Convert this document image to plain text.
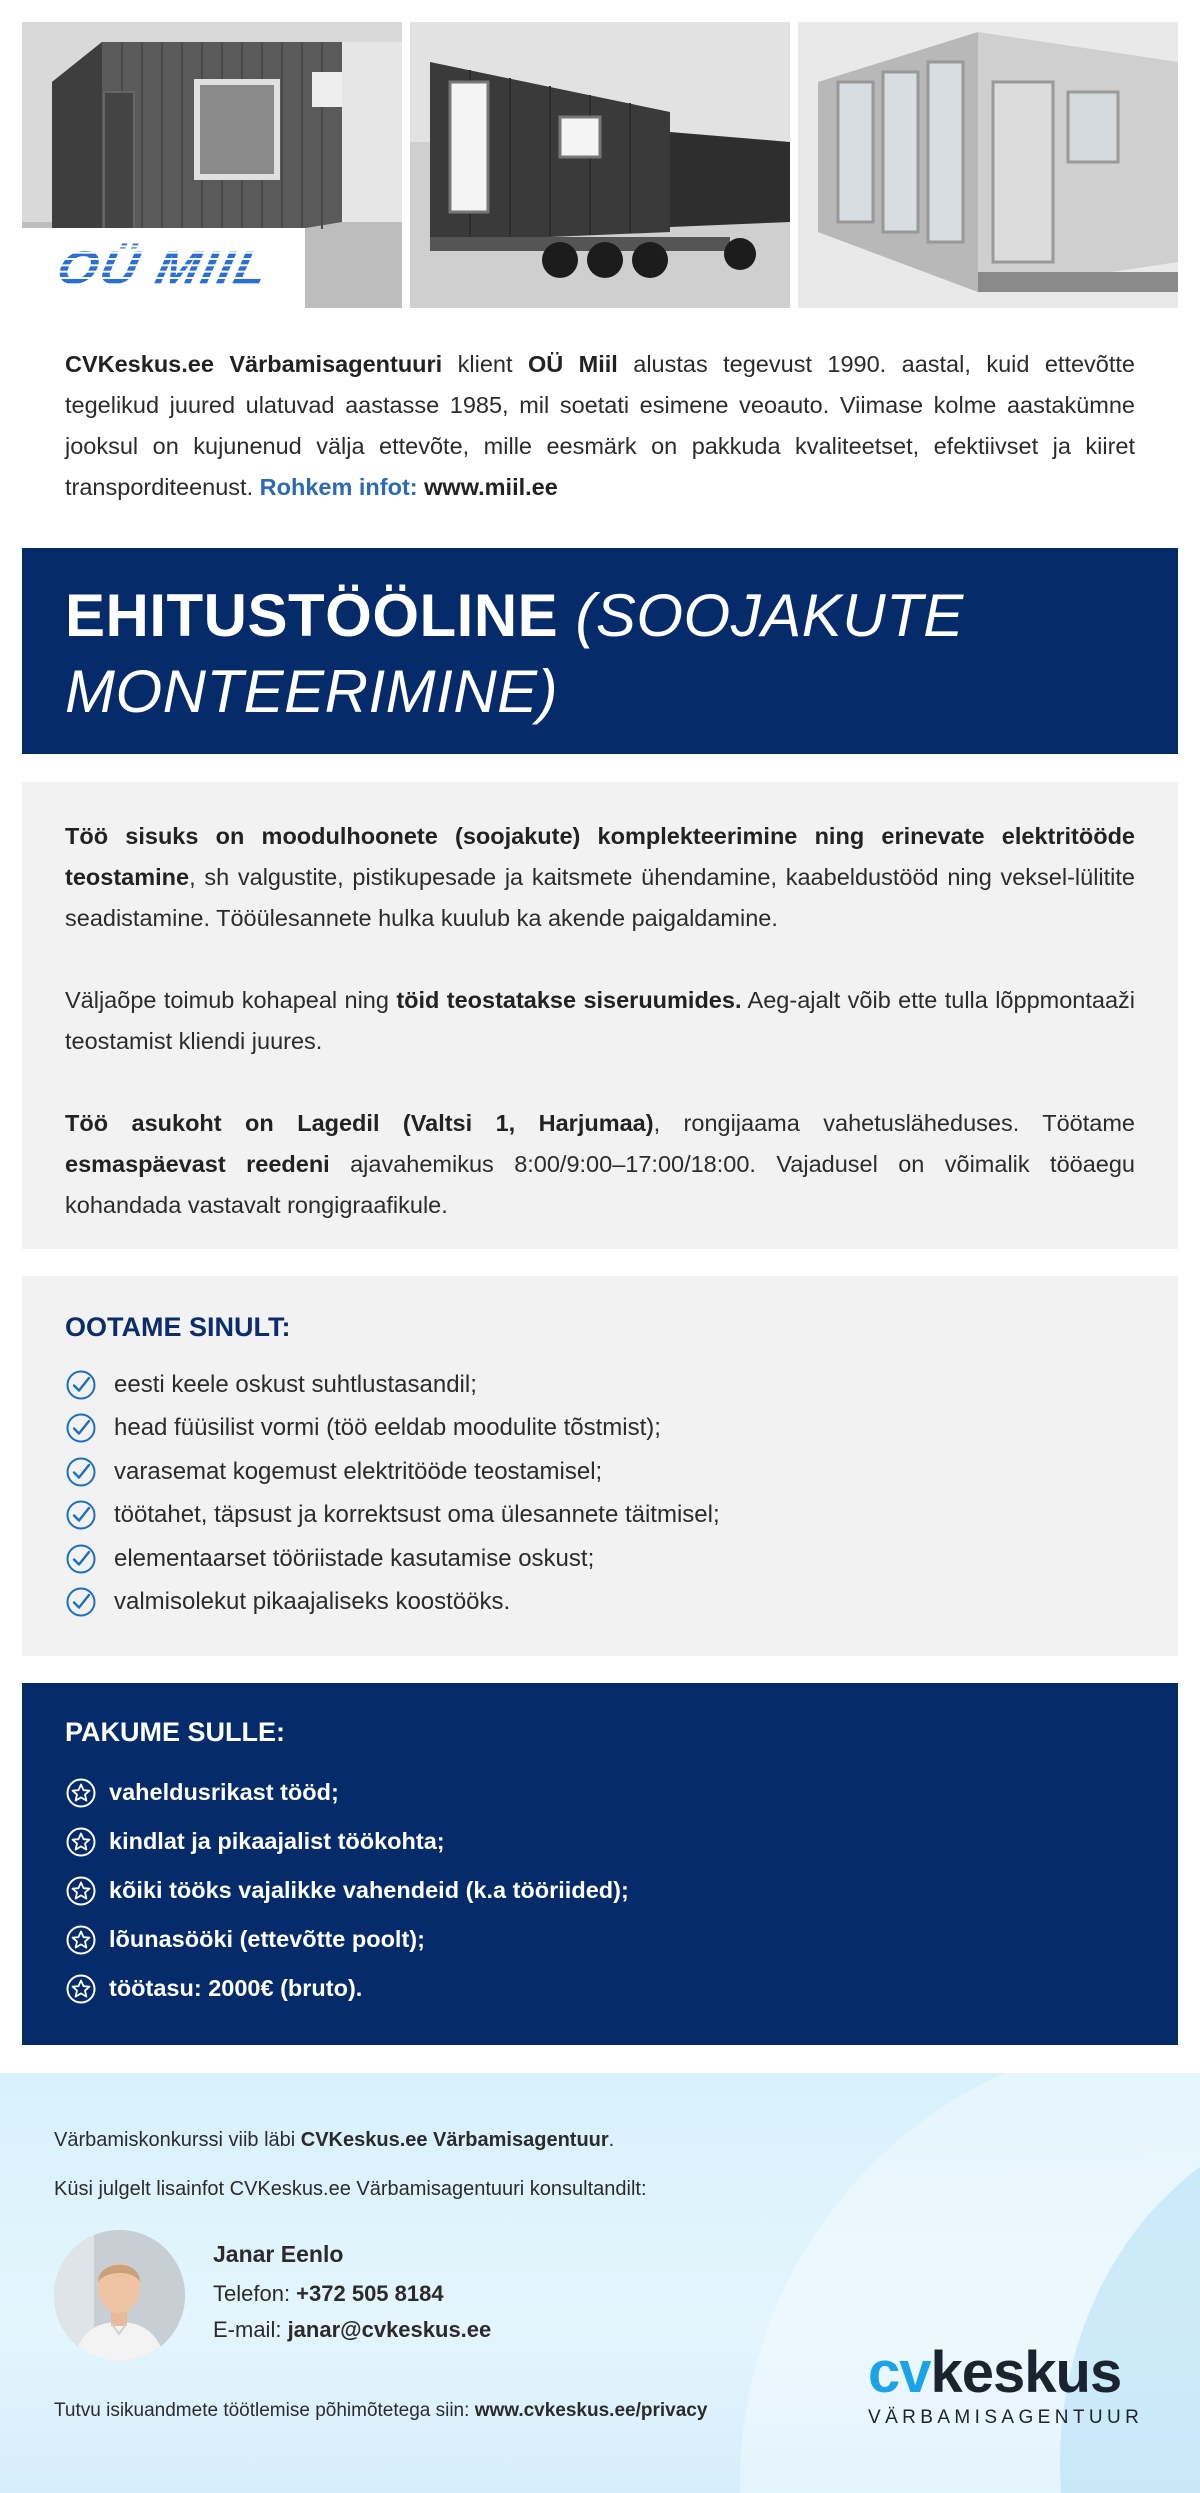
OÜ MIIL

CVKeskus.ee Värbamisagentuuri klient OÜ Miil alustas tegevust 1990. aastal, kuid ettevõtte tegelikud juured ulatuvad aastasse 1985, mil soetati esimene veoauto. Viimase kolme aastakümne jooksul on kujunenud välja ettevõte, mille eesmärk on pakkuda kvaliteetset, efektiivset ja kiiret transporditeenust. Rohkem infot: www.miil.ee

EHITUSTÖÖLINE (SOOJAKUTE MONTEERIMINE)

Töö sisuks on moodulhoonete (soojakute) komplekteerimine ning erinevate elektritööde teostamine, sh valgustite, pistikupesade ja kaitsmete ühendamine, kaabeldustööd ning veksel-lülitite seadistamine. Tööülesannete hulka kuulub ka akende paigaldamine.

Väljaõpe toimub kohapeal ning töid teostatakse siseruumides. Aeg-ajalt võib ette tulla lõppmontaaži teostamist kliendi juures.

Töö asukoht on Lagedil (Valtsi 1, Harjumaa), rongijaama vahetusläheduses. Töötame esmaspäevast reedeni ajavahemikus 8:00/9:00–17:00/18:00. Vajadusel on võimalik tööaegu kohandada vastavalt rongigraafikule.

OOTAME SINULT:
eesti keele oskust suhtlustasandil;
head füüsilist vormi (töö eeldab moodulite tõstmist);
varasemat kogemust elektritööde teostamisel;
töötahet, täpsust ja korrektsust oma ülesannete täitmisel;
elementaarset tööriistade kasutamise oskust;
valmisolekut pikaajaliseks koostööks.
PAKUME SULLE:
vaheldusrikast tööd;
kindlat ja pikaajalist töökohta;
kõiki tööks vajalikke vahendeid (k.a tööriided);
lõunasööki (ettevõtte poolt);
töötasu: 2000€ (bruto).

Värbamiskonkurssi viib läbi CVKeskus.ee Värbamisagentuur.

Küsi julgelt lisainfot CVKeskus.ee Värbamisagentuuri konsultandilt:

Janar Eenlo

Telefon: +372 505 8184

E-mail: janar@cvkeskus.ee

Tutvu isikuandmete töötlemise põhimõtetega siin: www.cvkeskus.ee/privacy

cvkeskus
VÄRBAMISAGENTUUR
